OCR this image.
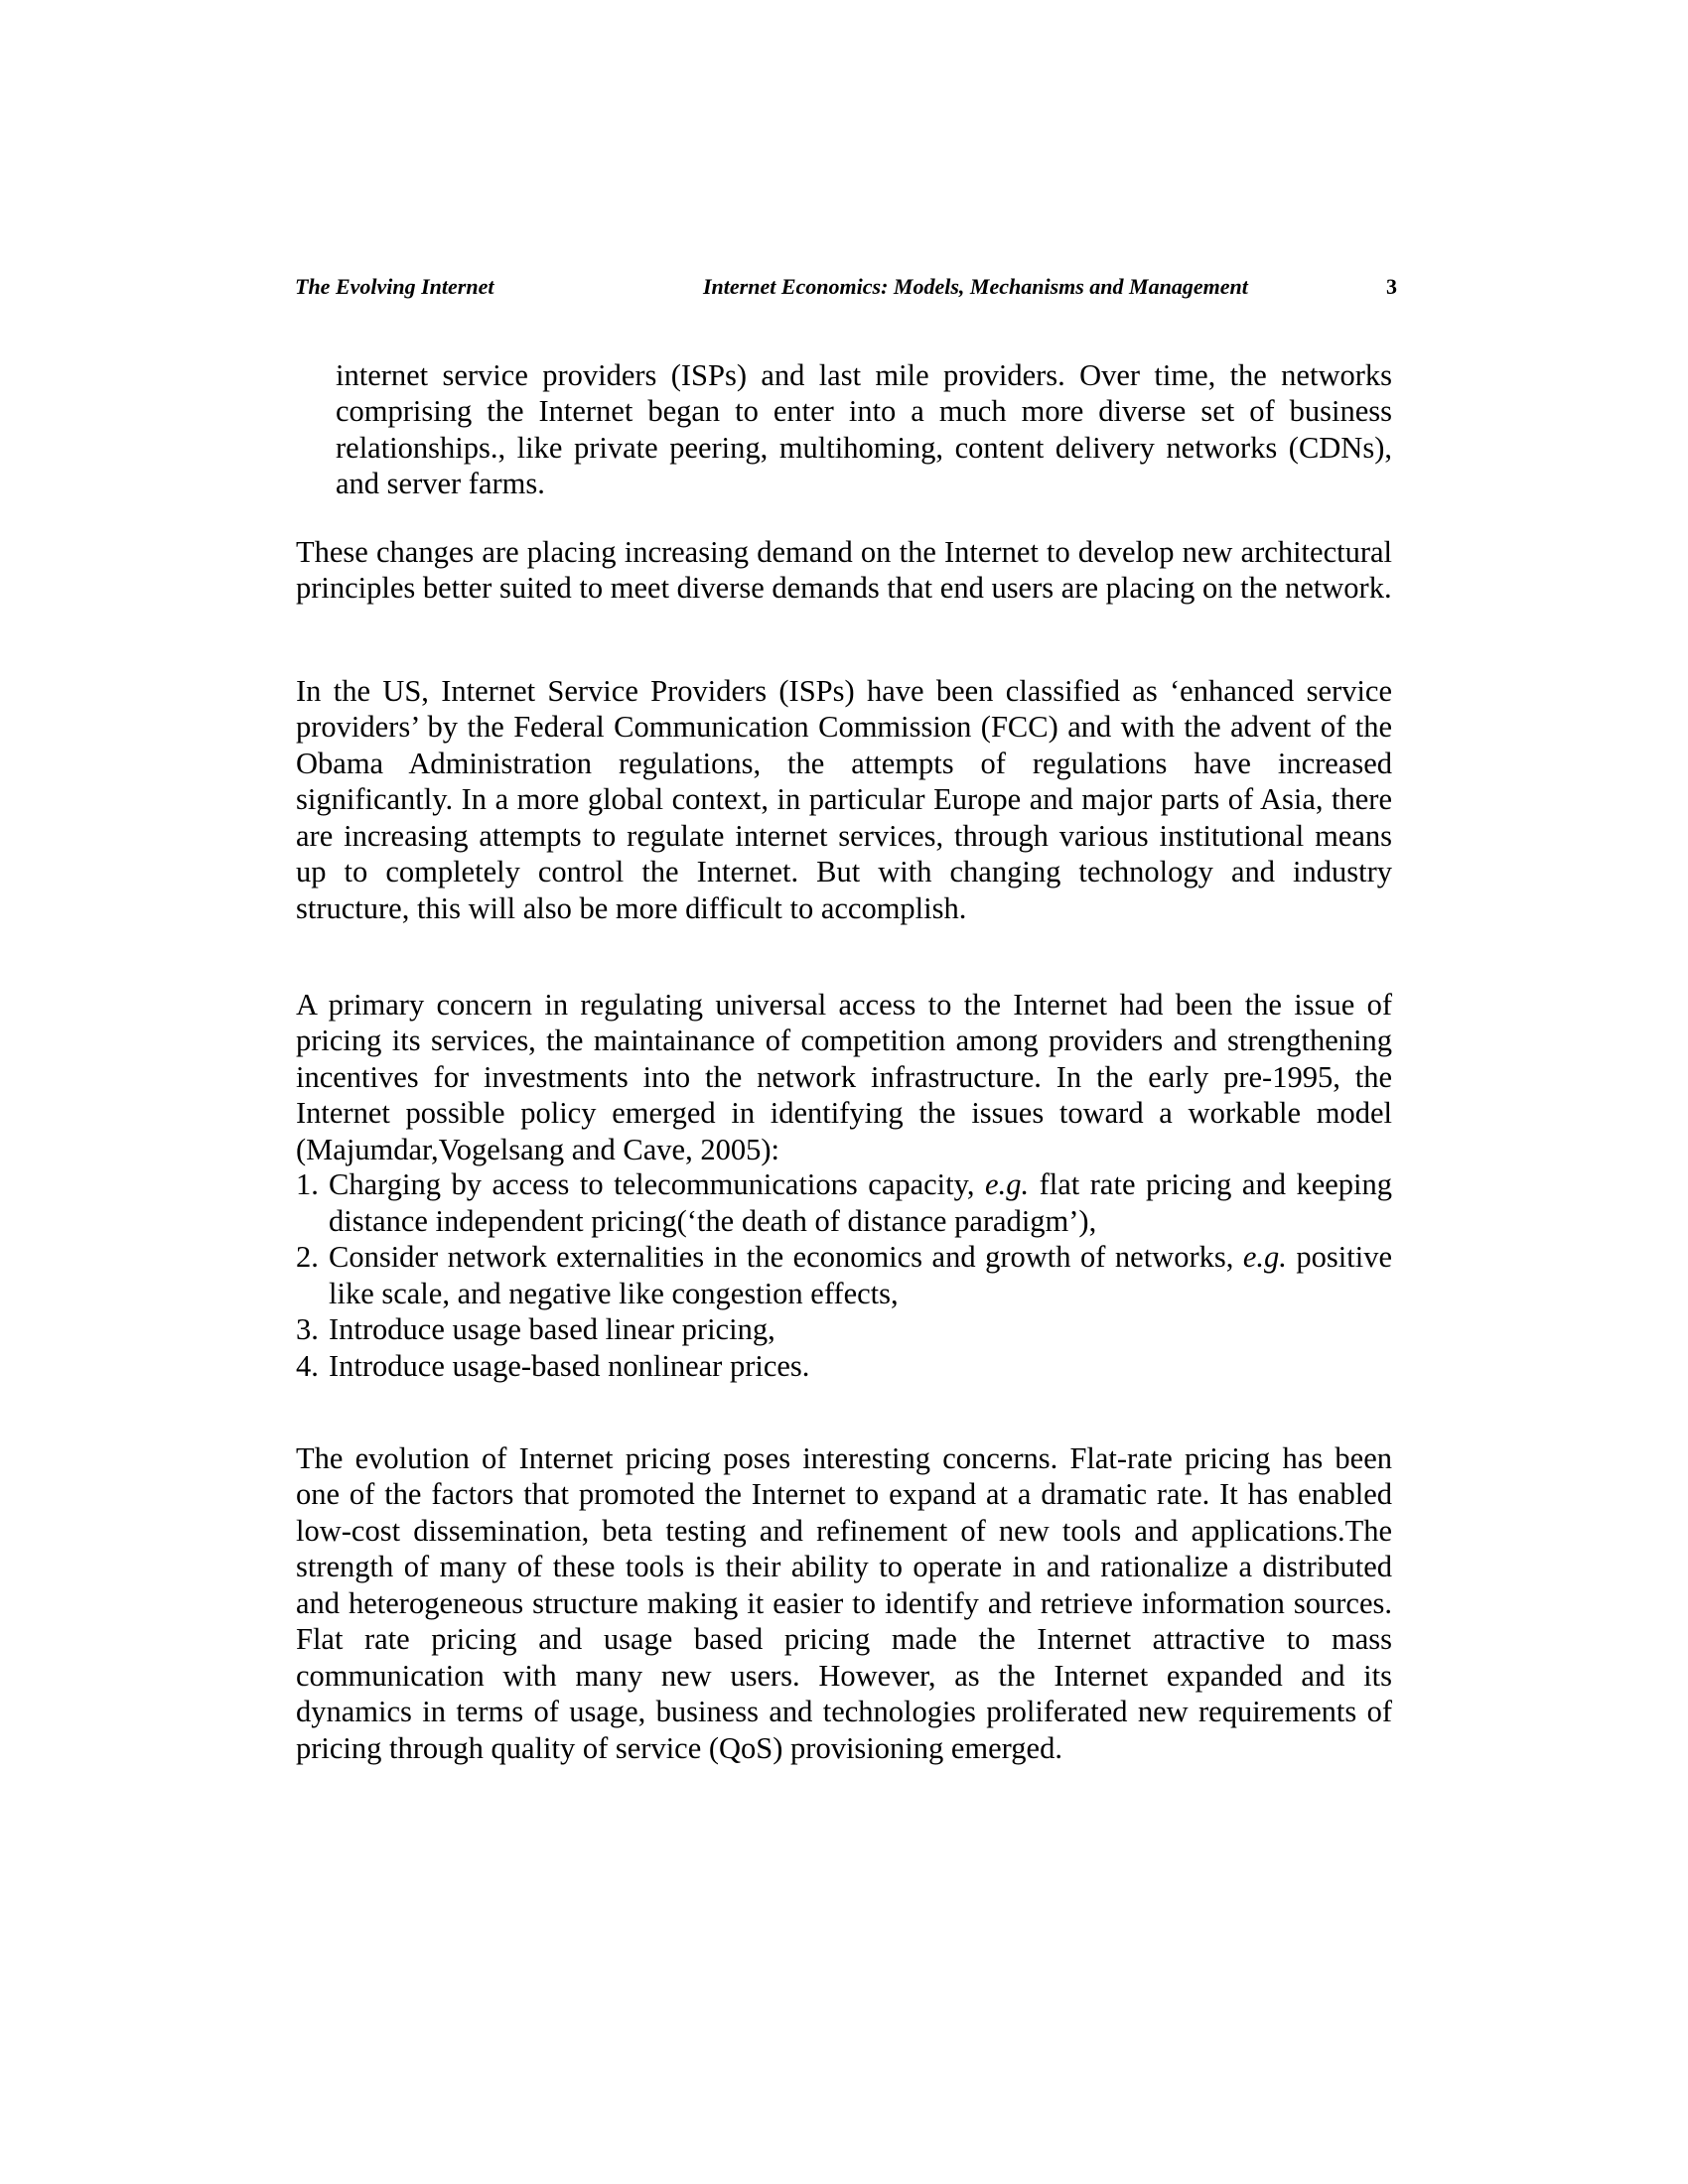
The Evolving Internet	Internet Economics: Models, Mechanisms and Management	3

internet service providers (ISPs) and last mile providers. Over time, the networks comprising the Internet began to enter into a much more diverse set of business relationships., like private peering, multihoming, content delivery networks (CDNs), and server farms.

These changes are placing increasing demand on the Internet to develop new architectural principles better suited to meet diverse demands that end users are placing on the network.

In the US, Internet Service Providers (ISPs) have been classified as ‘enhanced service providers’ by the Federal Communication Commission (FCC) and with the advent of the Obama Administration regulations, the attempts of regulations have increased significantly. In a more global context, in particular Europe and major parts of Asia, there are increasing attempts to regulate internet services, through various institutional means up to completely control the Internet. But with changing technology and industry structure, this will also be more difficult to accomplish.

A primary concern in regulating universal access to the Internet had been the issue of pricing its services, the maintainance of competition among providers and strengthening incentives for investments into the network infrastructure. In the early pre-1995, the Internet possible policy emerged in identifying the issues toward a workable model (Majumdar,Vogelsang and Cave, 2005):

1. Charging by access to telecommunications capacity, e.g. flat rate pricing and keeping distance independent pricing(‘the death of distance paradigm’),
2. Consider network externalities in the economics and growth of networks, e.g. positive like scale, and negative like congestion effects,
3. Introduce usage based linear pricing,
4. Introduce usage-based nonlinear prices.

The evolution of Internet pricing poses interesting concerns. Flat-rate pricing has been one of the factors that promoted the Internet to expand at a dramatic rate. It has enabled low-cost dissemination, beta testing and refinement of new tools and applications.The strength of many of these tools is their ability to operate in and rationalize a distributed and heterogeneous structure making it easier to identify and retrieve information sources. Flat rate pricing and usage based pricing made the Internet attractive to mass communication with many new users. However, as the Internet expanded and its dynamics in terms of usage, business and technologies proliferated new requirements of pricing through quality of service (QoS) provisioning emerged.
